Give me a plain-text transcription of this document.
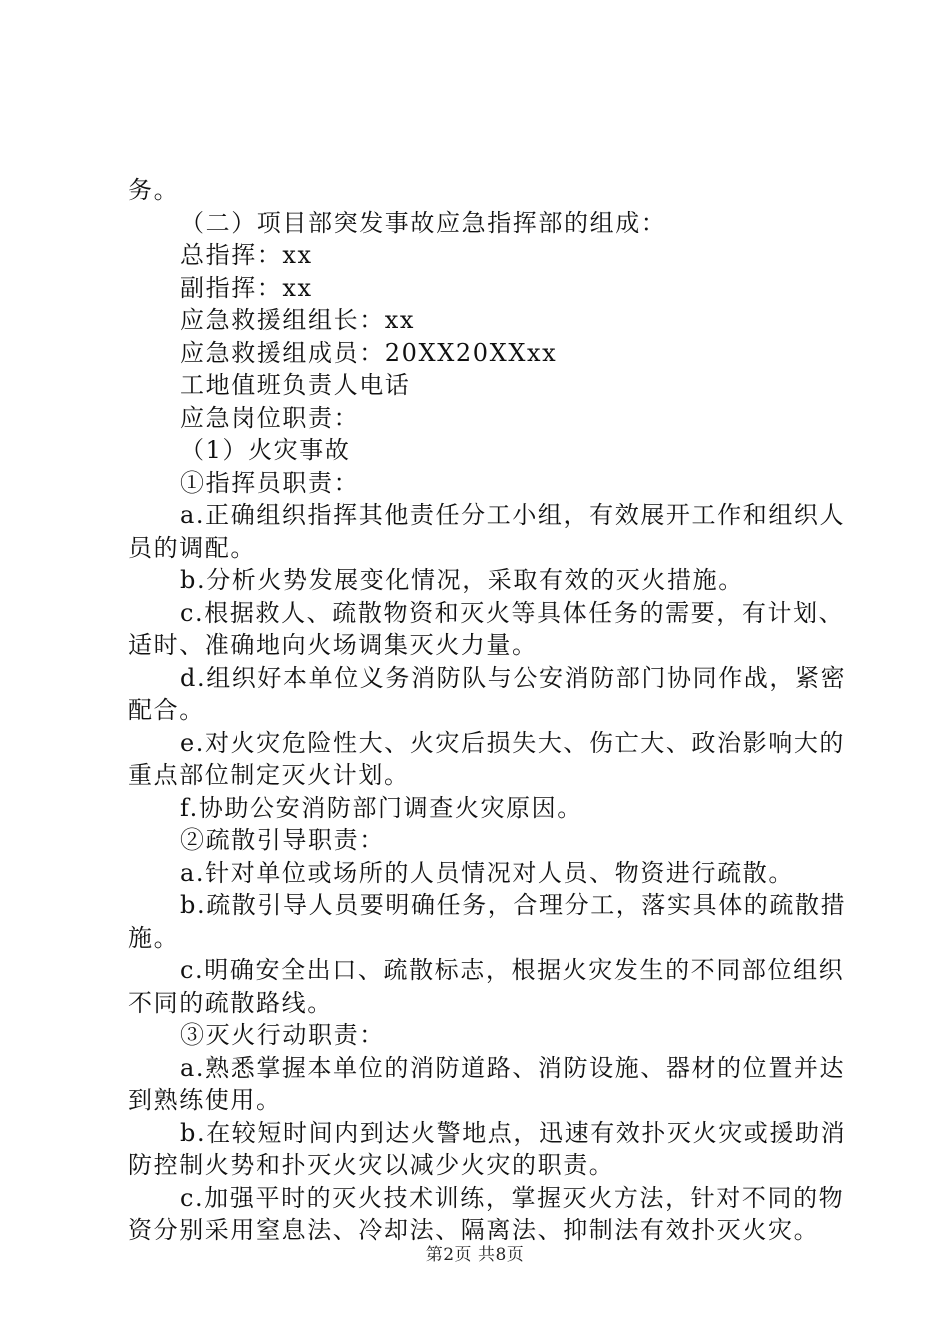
务。

（二）项目部突发事故应急指挥部的组成：

总指挥：xx

副指挥：xx

应急救援组组长：xx

应急救援组成员：20XX20XXxx

工地值班负责人电话

应急岗位职责：

（1）火灾事故

①指挥员职责：

a.正确组织指挥其他责任分工小组，有效展开工作和组织人员的调配。

b.分析火势发展变化情况，采取有效的灭火措施。

c.根据救人、疏散物资和灭火等具体任务的需要，有计划、适时、准确地向火场调集灭火力量。

d.组织好本单位义务消防队与公安消防部门协同作战，紧密配合。

e.对火灾危险性大、火灾后损失大、伤亡大、政治影响大的重点部位制定灭火计划。

f.协助公安消防部门调查火灾原因。

②疏散引导职责：

a.针对单位或场所的人员情况对人员、物资进行疏散。

b.疏散引导人员要明确任务，合理分工，落实具体的疏散措施。

c.明确安全出口、疏散标志，根据火灾发生的不同部位组织不同的疏散路线。

③灭火行动职责：

a.熟悉掌握本单位的消防道路、消防设施、器材的位置并达到熟练使用。

b.在较短时间内到达火警地点，迅速有效扑灭火灾或援助消防控制火势和扑灭火灾以减少火灾的职责。

c.加强平时的灭火技术训练，掌握灭火方法，针对不同的物资分别采用窒息法、冷却法、隔离法、抑制法有效扑灭火灾。

第2页 共8页
